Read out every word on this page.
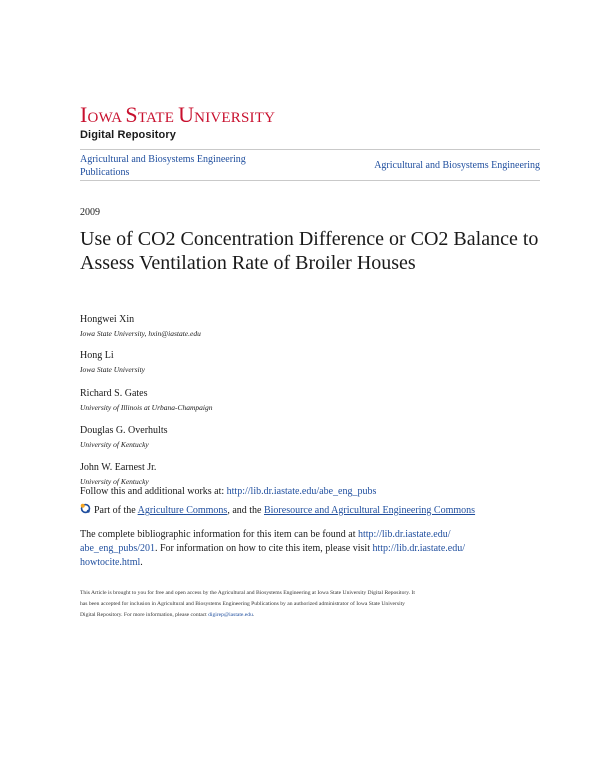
IOWA STATE UNIVERSITY
Digital Repository
Agricultural and Biosystems Engineering
Publications
Agricultural and Biosystems Engineering
2009
Use of CO2 Concentration Difference or CO2 Balance to Assess Ventilation Rate of Broiler Houses
Hongwei Xin
Iowa State University, hxin@iastate.edu
Hong Li
Iowa State University
Richard S. Gates
University of Illinois at Urbana-Champaign
Douglas G. Overhults
University of Kentucky
John W. Earnest Jr.
University of Kentucky
Follow this and additional works at: http://lib.dr.iastate.edu/abe_eng_pubs
Part of the Agriculture Commons, and the Bioresource and Agricultural Engineering Commons
The complete bibliographic information for this item can be found at http://lib.dr.iastate.edu/
abe_eng_pubs/201. For information on how to cite this item, please visit http://lib.dr.iastate.edu/
howtocite.html.
This Article is brought to you for free and open access by the Agricultural and Biosystems Engineering at Iowa State University Digital Repository. It
has been accepted for inclusion in Agricultural and Biosystems Engineering Publications by an authorized administrator of Iowa State University
Digital Repository. For more information, please contact digirep@iastate.edu.
